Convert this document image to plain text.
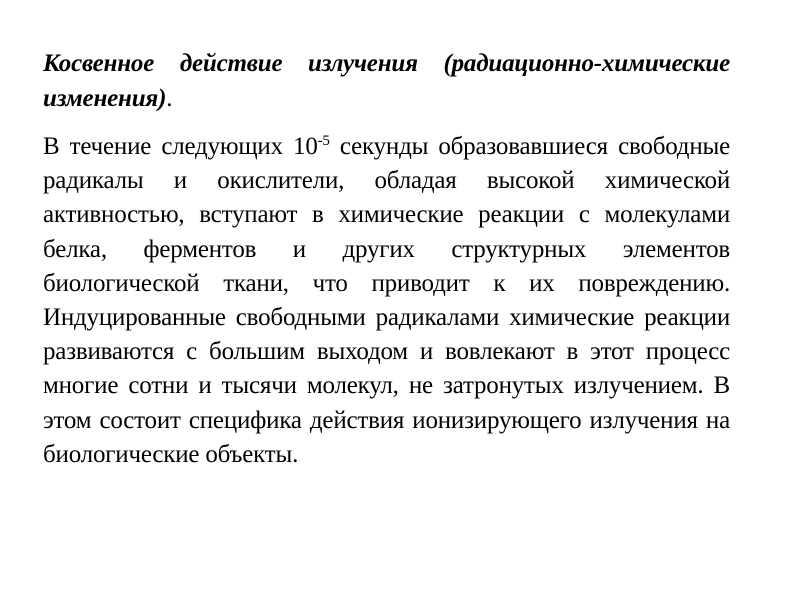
Косвенное действие излучения (радиационно-химические изменения).

В течение следующих $10^{-5}$ секунды образовавшиеся свободные радикалы и окислители, обладая высокой химической активностью, вступают в химические реакции с молекулами белка, ферментов и других структурных элементов биологической ткани, что приводит к их повреждению. Индуцированные свободными радикалами химические реакции развиваются с большим выходом и вовлекают в этот процесс многие сотни и тысячи молекул, не затронутых излучением. В этом состоит специфика действия ионизирующего излучения на биологические объекты.
